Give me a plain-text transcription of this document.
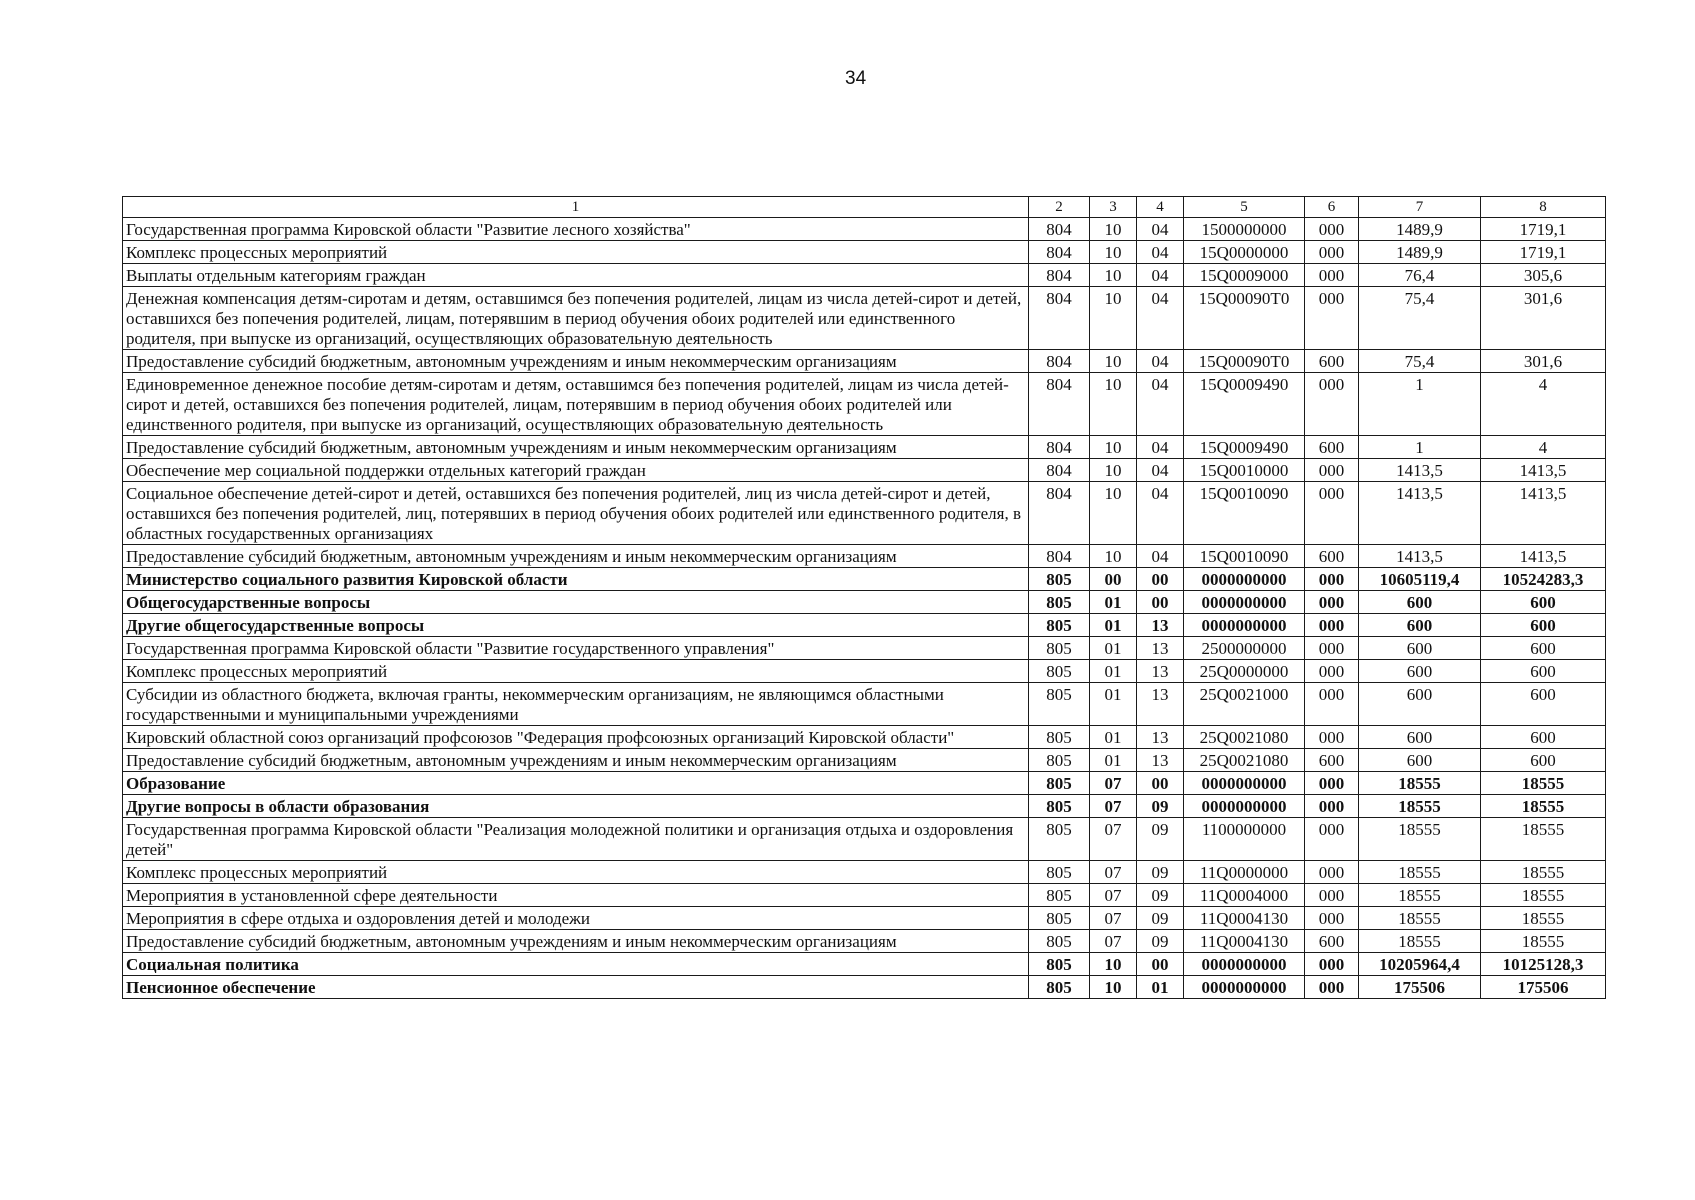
34
1	2	3	4	5	6	7	8
Государственная программа Кировской области "Развитие лесного хозяйства"	804	10	04	1500000000	000	1489,9	1719,1
Комплекс процессных мероприятий	804	10	04	15Q0000000	000	1489,9	1719,1
Выплаты отдельным категориям граждан	804	10	04	15Q0009000	000	76,4	305,6
Денежная компенсация детям-сиротам и детям, оставшимся без попечения родителей, лицам из числа детей-сирот и детей, оставшихся без попечения родителей, лицам, потерявшим в период обучения обоих родителей или единственного родителя, при выпуске из организаций, осуществляющих образовательную деятельность	804	10	04	15Q00090T0	000	75,4	301,6
Предоставление субсидий бюджетным, автономным учреждениям и иным некоммерческим организациям	804	10	04	15Q00090T0	600	75,4	301,6
Единовременное денежное пособие детям-сиротам и детям, оставшимся без попечения родителей, лицам из числа детей-сирот и детей, оставшихся без попечения родителей, лицам, потерявшим в период обучения обоих родителей или единственного родителя, при выпуске из организаций, осуществляющих образовательную деятельность	804	10	04	15Q0009490	000	1	4
Предоставление субсидий бюджетным, автономным учреждениям и иным некоммерческим организациям	804	10	04	15Q0009490	600	1	4
Обеспечение мер социальной поддержки отдельных категорий граждан	804	10	04	15Q0010000	000	1413,5	1413,5
Социальное обеспечение детей-сирот и детей, оставшихся без попечения родителей, лиц из числа детей-сирот и детей, оставшихся без попечения родителей, лиц, потерявших в период обучения обоих родителей или единственного родителя, в областных государственных организациях	804	10	04	15Q0010090	000	1413,5	1413,5
Предоставление субсидий бюджетным, автономным учреждениям и иным некоммерческим организациям	804	10	04	15Q0010090	600	1413,5	1413,5
Министерство социального развития Кировской области	805	00	00	0000000000	000	10605119,4	10524283,3
Общегосударственные вопросы	805	01	00	0000000000	000	600	600
Другие общегосударственные вопросы	805	01	13	0000000000	000	600	600
Государственная программа Кировской области "Развитие государственного управления"	805	01	13	2500000000	000	600	600
Комплекс процессных мероприятий	805	01	13	25Q0000000	000	600	600
Субсидии из областного бюджета, включая гранты, некоммерческим организациям, не являющимся областными государственными и муниципальными учреждениями	805	01	13	25Q0021000	000	600	600
Кировский областной союз организаций профсоюзов "Федерация профсоюзных организаций Кировской области"	805	01	13	25Q0021080	000	600	600
Предоставление субсидий бюджетным, автономным учреждениям и иным некоммерческим организациям	805	01	13	25Q0021080	600	600	600
Образование	805	07	00	0000000000	000	18555	18555
Другие вопросы в области образования	805	07	09	0000000000	000	18555	18555
Государственная программа Кировской области "Реализация молодежной политики и организация отдыха и оздоровления детей"	805	07	09	1100000000	000	18555	18555
Комплекс процессных мероприятий	805	07	09	11Q0000000	000	18555	18555
Мероприятия в установленной сфере деятельности	805	07	09	11Q0004000	000	18555	18555
Мероприятия в сфере отдыха и оздоровления детей и молодежи	805	07	09	11Q0004130	000	18555	18555
Предоставление субсидий бюджетным, автономным учреждениям и иным некоммерческим организациям	805	07	09	11Q0004130	600	18555	18555
Социальная политика	805	10	00	0000000000	000	10205964,4	10125128,3
Пенсионное обеспечение	805	10	01	0000000000	000	175506	175506
